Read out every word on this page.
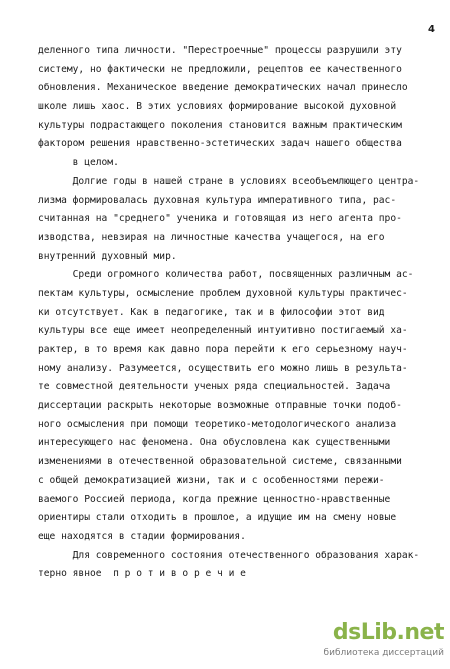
4
деленного типа личности. "Перестроечные" процессы разрушили эту
систему, но фактически не предложили, рецептов ее качественного
обновления. Механическое введение демократических начал принесло
школе лишь хаос. В этих условиях формирование высокой духовной
культуры подрастающего поколения становится важным практическим
фактором решения нравственно-эстетических задач нашего общества
в целом.
Долгие годы в нашей стране в условиях всеобъемлющего центра-
лизма формировалась духовная культура императивного типа, рас-
считанная на "среднего" ученика и готовящая из него агента про-
изводства, невзирая на личностные качества учащегося, на его
внутренний духовный мир.
Среди огромного количества работ, посвященных различным ас-
пектам культуры, осмысление проблем духовной культуры практичес-
ки отсутствует. Как в педагогике, так и в философии этот вид
культуры все еще имеет неопределенный интуитивно постигаемый ха-
рактер, в то время как давно пора перейти к его серьезному науч-
ному анализу. Разумеется, осуществить его можно лишь в результа-
те совместной деятельности ученых ряда специальностей. Задача
диссертации раскрыть некоторые возможные отправные точки подоб-
ного осмысления при помощи теоретико-методологического анализа
интересующего нас феномена. Она обусловлена как существенными
изменениями в отечественной образовательной системе, связанными
с общей демократизацией жизни, так и с особенностями пережи-
ваемого Россией периода, когда прежние ценностно-нравственные
ориентиры стали отходить в прошлое, а идущие им на смену новые
еще находятся в стадии формирования.
Для современного состояния отечественного образования харак-
терно явное  п р о т и в о р е ч и е
dsLib.net
библиотека диссертаций
